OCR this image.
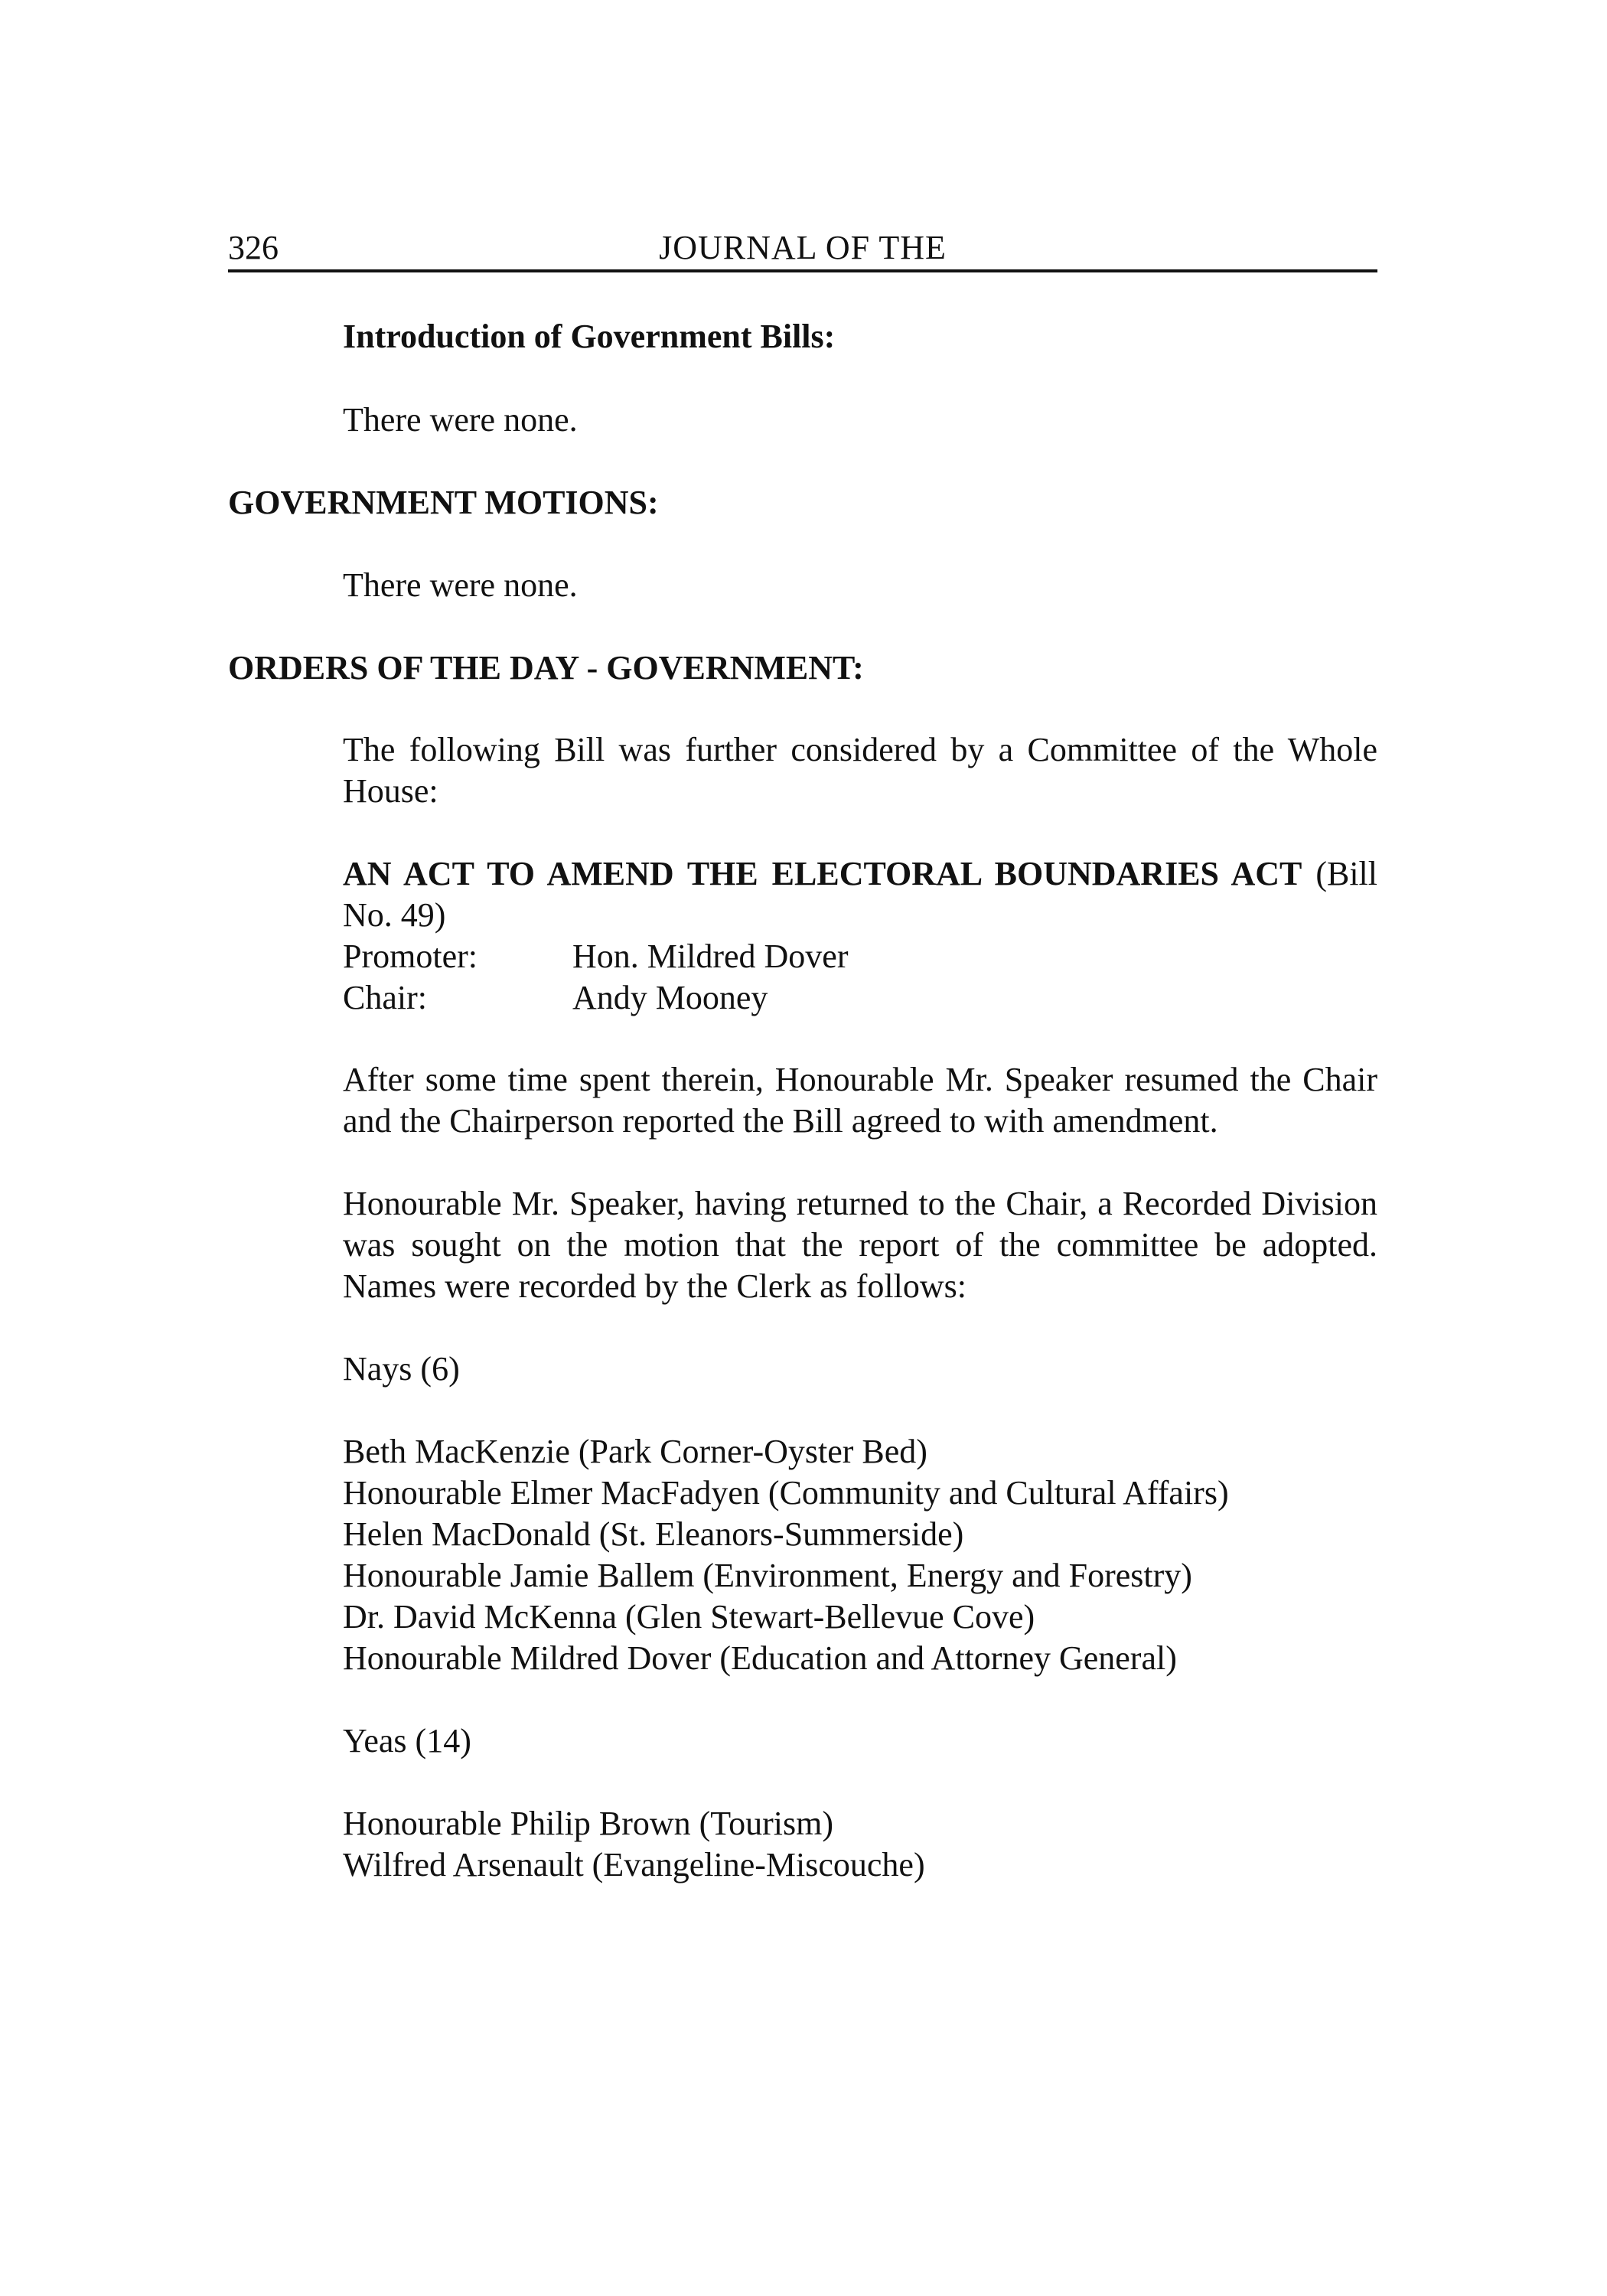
326	JOURNAL OF THE
Introduction of Government Bills:
There were none.
GOVERNMENT MOTIONS:
There were none.
ORDERS OF THE DAY - GOVERNMENT:
The following Bill was further considered by a Committee of the Whole House:
AN ACT TO AMEND THE ELECTORAL BOUNDARIES ACT (Bill No. 49)
Promoter:	Hon. Mildred Dover
Chair:	Andy Mooney
After some time spent therein, Honourable Mr. Speaker resumed the Chair and the Chairperson reported the Bill agreed to with amendment.
Honourable Mr. Speaker, having returned to the Chair, a Recorded Division was sought on the motion that the report of the committee be adopted. Names were recorded by the Clerk as follows:
Nays (6)
Beth MacKenzie (Park Corner-Oyster Bed)
Honourable Elmer MacFadyen (Community and Cultural Affairs)
Helen MacDonald (St. Eleanors-Summerside)
Honourable Jamie Ballem (Environment, Energy and Forestry)
Dr. David McKenna (Glen Stewart-Bellevue Cove)
Honourable Mildred Dover (Education and Attorney General)
Yeas (14)
Honourable Philip Brown (Tourism)
Wilfred Arsenault (Evangeline-Miscouche)
